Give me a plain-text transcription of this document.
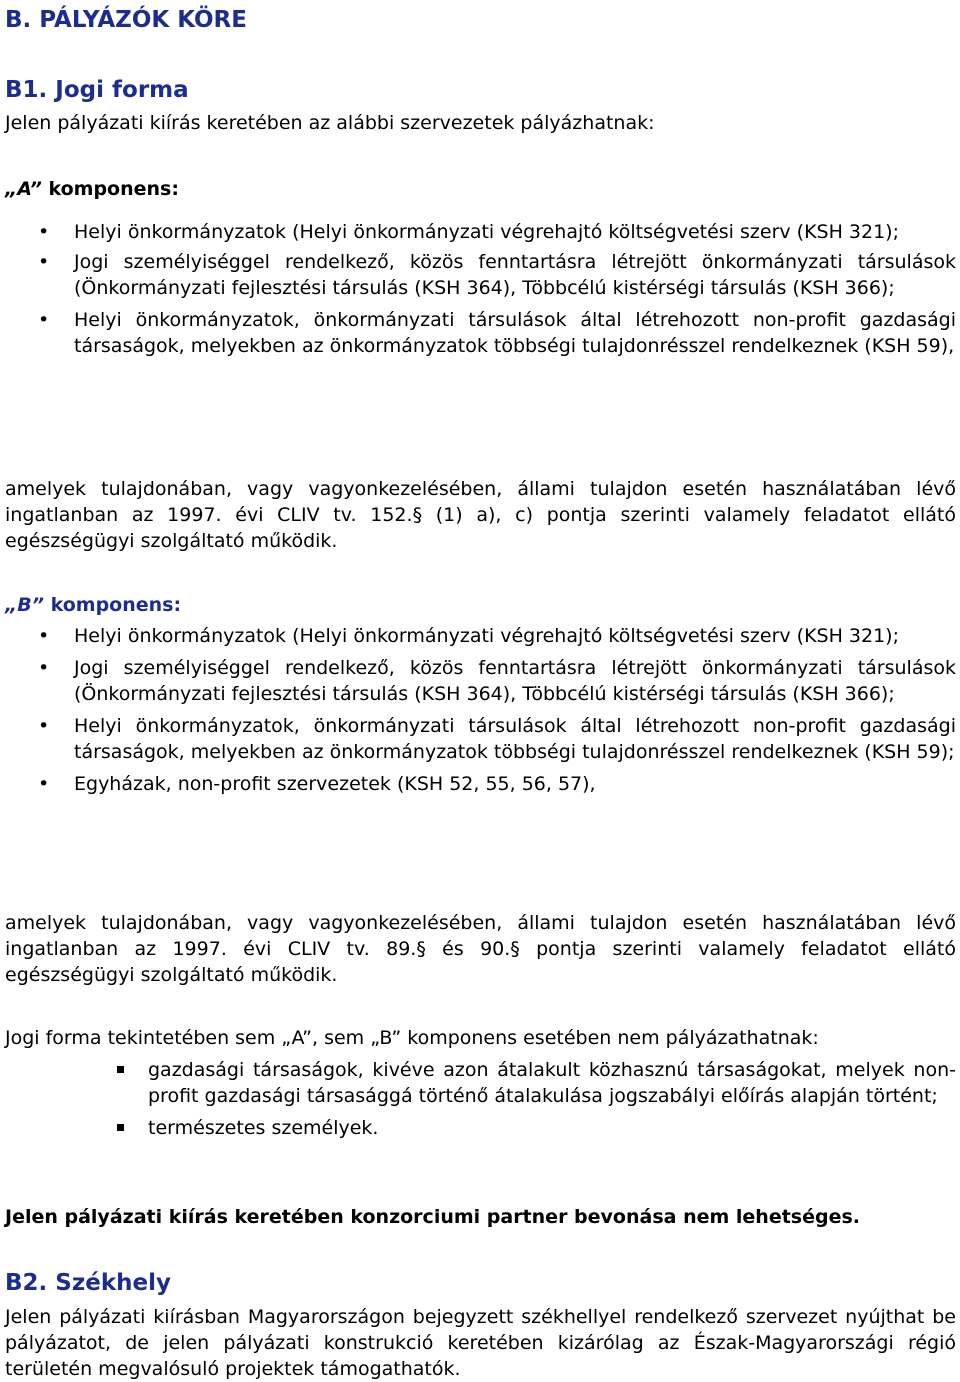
B. PÁLYÁZÓK KÖRE
B1. Jogi forma

Jelen pályázati kiírás keretében az alábbi szervezetek pályázhatnak:

„A” komponens:

• Helyi önkormányzatok (Helyi önkormányzati végrehajtó költségvetési szerv (KSH 321);
• Jogi személyiséggel rendelkező, közös fenntartásra létrejött önkormányzati társulások (Önkormányzati fejlesztési társulás (KSH 364), Többcélú kistérségi társulás (KSH 366);
• Helyi önkormányzatok, önkormányzati társulások által létrehozott non-profit gazdasági társaságok, melyekben az önkormányzatok többségi tulajdonrésszel rendelkeznek (KSH 59),

amelyek tulajdonában, vagy vagyonkezelésében, állami tulajdon esetén használatában lévő ingatlanban az 1997. évi CLIV tv. 152.§ (1) a), c) pontja szerinti valamely feladatot ellátó egészségügyi szolgáltató működik.

„B” komponens:

• Helyi önkormányzatok (Helyi önkormányzati végrehajtó költségvetési szerv (KSH 321);
• Jogi személyiséggel rendelkező, közös fenntartásra létrejött önkormányzati társulások (Önkormányzati fejlesztési társulás (KSH 364), Többcélú kistérségi társulás (KSH 366);
• Helyi önkormányzatok, önkormányzati társulások által létrehozott non-profit gazdasági társaságok, melyekben az önkormányzatok többségi tulajdonrésszel rendelkeznek (KSH 59);
• Egyházak, non-profit szervezetek (KSH 52, 55, 56, 57),

amelyek tulajdonában, vagy vagyonkezelésében, állami tulajdon esetén használatában lévő ingatlanban az 1997. évi CLIV tv. 89.§ és 90.§ pontja szerinti valamely feladatot ellátó egészségügyi szolgáltató működik.

Jogi forma tekintetében sem „A”, sem „B” komponens esetében nem pályázathatnak:

gazdasági társaságok, kivéve azon átalakult közhasznú társaságokat, melyek non-profit gazdasági társasággá történő átalakulása jogszabályi előírás alapján történt;
természetes személyek.

Jelen pályázati kiírás keretében konzorciumi partner bevonása nem lehetséges.

B2. Székhely

Jelen pályázati kiírásban Magyarországon bejegyzett székhellyel rendelkező szervezet nyújthat be pályázatot, de jelen pályázati konstrukció keretében kizárólag az Észak-Magyarországi régió területén megvalósuló projektek támogathatók.
